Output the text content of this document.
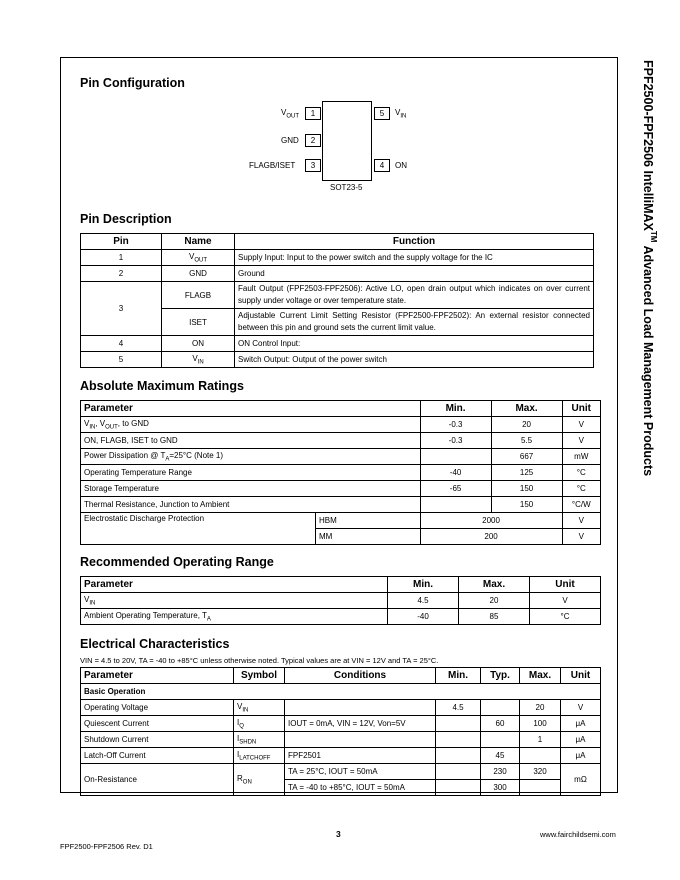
FPF2500-FPF2506 IntelliMAX™ Advanced Load Management Products
Pin Configuration
$V_{OUT}$	1
GND	2
FLAGB/ISET	3
5	$V_{IN}$
4	ON
SOT23-5
Pin Description
Pin	Name	Function
1	$V_{OUT}$	Supply Input: Input to the power switch and the supply voltage for the IC
2	GND	Ground
3	FLAGB	Fault Output (FPF2503-FPF2506): Active LO, open drain output which indicates on over current supply under voltage or over temperature state.
	ISET	Adjustable Current Limit Setting Resistor (FPF2500-FPF2502): An external resistor connected between this pin and ground sets the current limit value.
4	ON	ON Control Input:
5	$V_{IN}$	Switch Output: Output of the power switch
Absolute Maximum Ratings
Parameter		Min.	Max.	Unit
$V_{IN}$, $V_{OUT}$, to GND		-0.3	20	V
ON, FLAGB, ISET to GND		-0.3	5.5	V
Power Dissipation @ $T_A=25^\circ C$ (Note 1)			667	mW
Operating Temperature Range		-40	125	°C
Storage Temperature		-65	150	°C
Thermal Resistance, Junction to Ambient			150	°C/W
Electrostatic Discharge Protection	HBM	2000		V
	MM	200		V
Recommended Operating Range
Parameter	Min.	Max.	Unit
$V_{IN}$	4.5	20	V
Ambient Operating Temperature, $T_A$	-40	85	°C
Electrical Characteristics
VIN = 4.5 to 20V, TA = -40 to +85°C unless otherwise noted. Typical values are at VIN = 12V and TA = 25°C.
Parameter	Symbol	Conditions	Min.	Typ.	Max.	Unit
Basic Operation						
Operating Voltage	$V_{IN}$		4.5		20	V
Quiescent Current	$I_Q$	IOUT = 0mA, VIN = 12V, Von=5V		60	100	μA
Shutdown Current	$I_{SHDN}$				1	μA
Latch-Off Current	$I_{LATCHOFF}$	FPF2501		45		μA
On-Resistance	$R_{ON}$	TA = 25°C, IOUT = 50mA		230	320	mΩ
		TA = -40 to +85°C, IOUT = 50mA		300		
3	www.fairchildsemi.com
FPF2500-FPF2506 Rev. D1
